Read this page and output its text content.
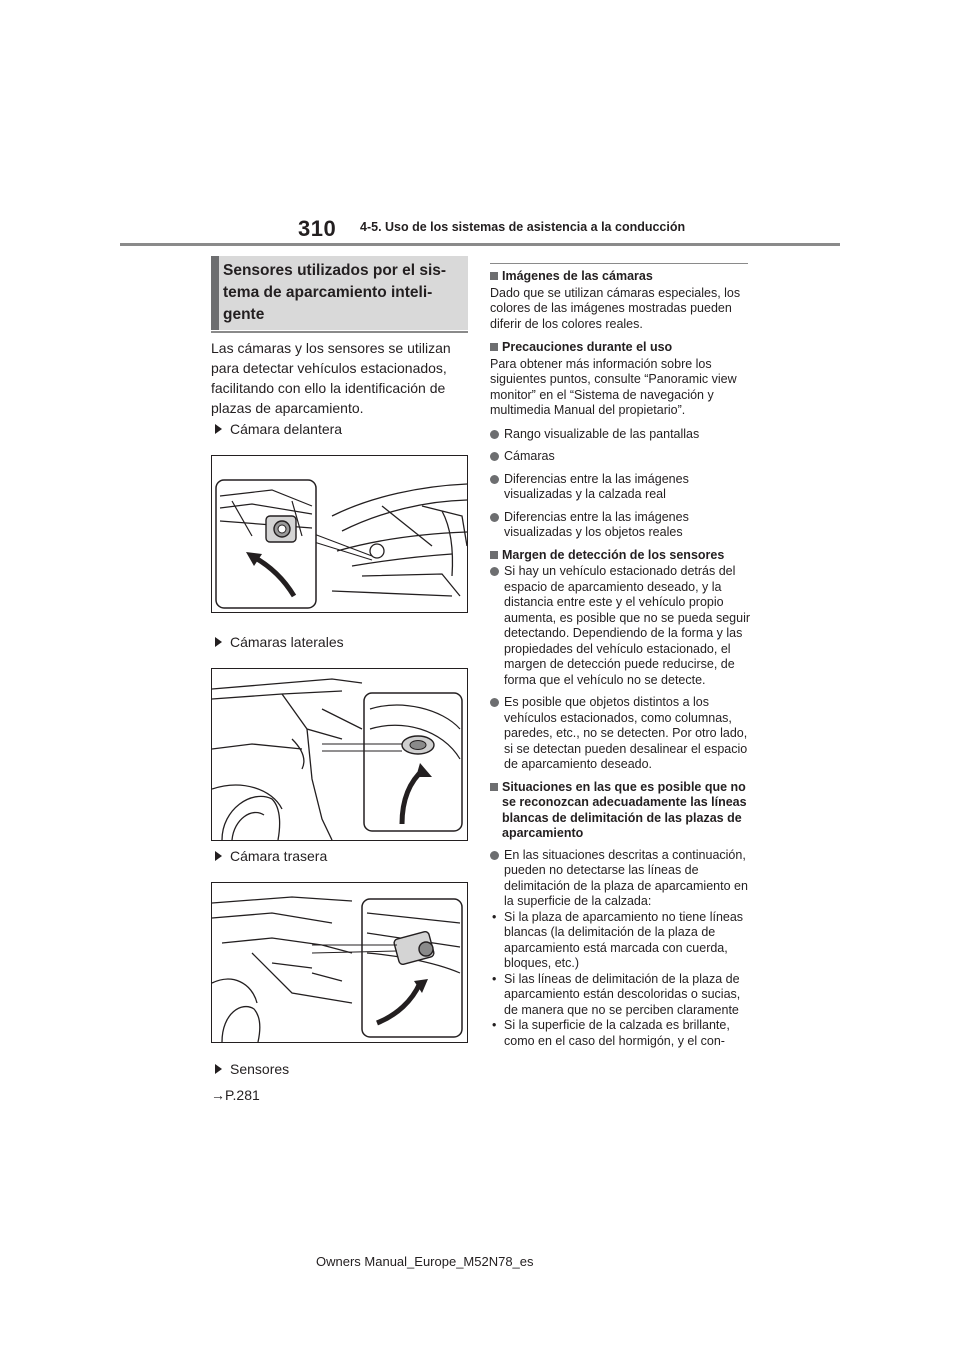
310 4-5. Uso de los sistemas de asistencia a la conducción
Sensores utilizados por el sis-tema de aparcamiento inteli-gente
Las cámaras y los sensores se utilizan para detectar vehículos estacionados, facilitando con ello la identificación de plazas de aparcamiento.
Cámara delantera
Cámaras laterales
Cámara trasera
Sensores
→P.281
Imágenes de las cámaras
Dado que se utilizan cámaras especiales, los colores de las imágenes mostradas pueden diferir de los colores reales.
Precauciones durante el uso
Para obtener más información sobre los siguientes puntos, consulte “Panoramic view monitor” en el “Sistema de navegación y multimedia Manual del propietario”.
Rango visualizable de las pantallas
Cámaras
Diferencias entre la las imágenes visualizadas y la calzada real
Diferencias entre la las imágenes visualizadas y los objetos reales
Margen de detección de los sensores
Si hay un vehículo estacionado detrás del espacio de aparcamiento deseado, y la distancia entre este y el vehículo propio aumenta, es posible que no se pueda seguir detectando. Dependiendo de la forma y las propiedades del vehículo estacionado, el margen de detección puede reducirse, de forma que el vehículo no se detecte.
Es posible que objetos distintos a los vehículos estacionados, como columnas, paredes, etc., no se detecten. Por otro lado, si se detectan pueden desalinear el espacio de aparcamiento deseado.
Situaciones en las que es posible que no se reconozcan adecuadamente las líneas blancas de delimitación de las plazas de aparcamiento
En las situaciones descritas a continuación, pueden no detectarse las líneas de delimitación de la plaza de aparcamiento en la superficie de la calzada:
• Si la plaza de aparcamiento no tiene líneas blancas (la delimitación de la plaza de aparcamiento está marcada con cuerda, bloques, etc.)
• Si las líneas de delimitación de la plaza de aparcamiento están descoloridas o sucias, de manera que no se perciben claramente
• Si la superficie de la calzada es brillante, como en el caso del hormigón, y el con-
Owners Manual_Europe_M52N78_es
